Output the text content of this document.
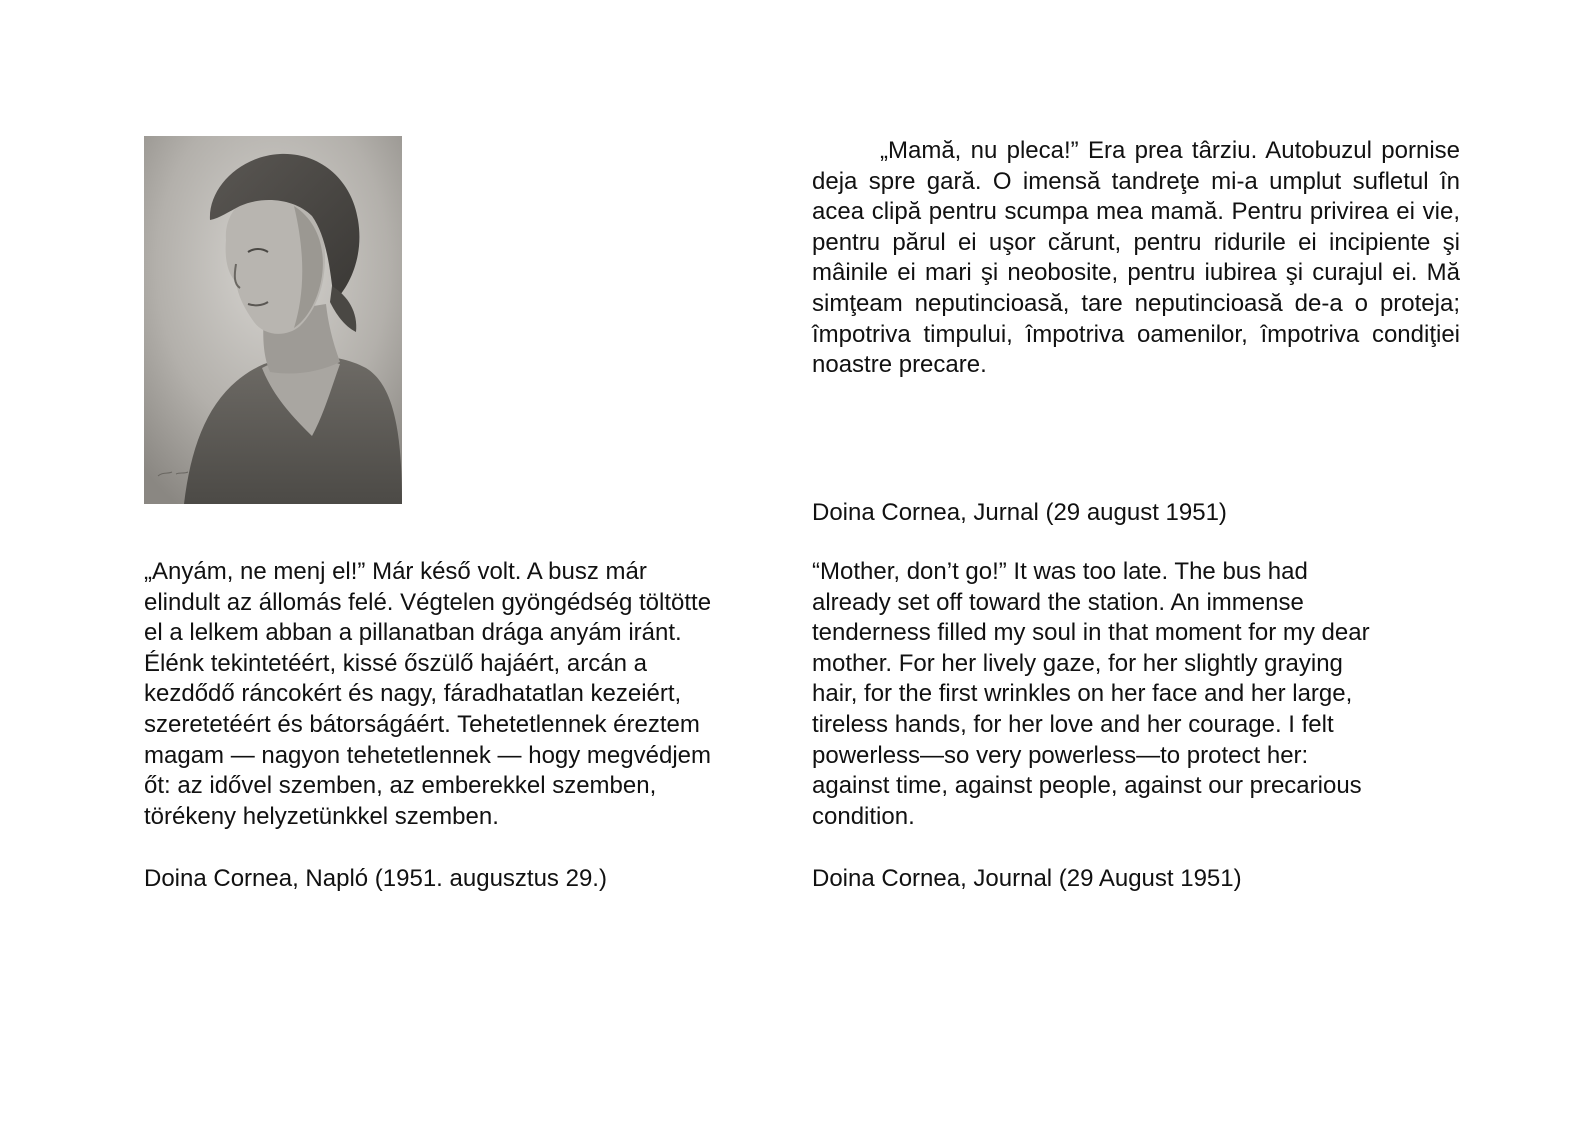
„Mamă, nu pleca!” Era prea târziu. Autobuzul pornise deja spre gară. O imensă tandreţe mi-a umplut sufletul în acea clipă pentru scumpa mea mamă. Pentru privirea ei vie, pentru părul ei uşor cărunt, pentru ridurile ei incipiente şi mâinile ei mari şi neobosite, pentru iubirea şi curajul ei. Mă simţeam neputincioasă, tare neputincioasă de-a o proteja; împotriva timpului, împotriva oamenilor, împotriva condiţiei noastre precare.

Doina Cornea, Jurnal (29 august 1951)

„Anyám, ne menj el!” Már késő volt. A busz már
elindult az állomás felé. Végtelen gyöngédség töltötte
el a lelkem abban a pillanatban drága anyám iránt.
Élénk tekintetéért, kissé őszülő hajáért, arcán a
kezdődő ráncokért és nagy, fáradhatatlan kezeiért,
szeretetéért és bátorságáért. Tehetetlennek éreztem
magam — nagyon tehetetlennek — hogy megvédjem
őt: az idővel szemben, az emberekkel szemben,
törékeny helyzetünkkel szemben.

Doina Cornea, Napló (1951. augusztus 29.)

“Mother, don’t go!” It was too late. The bus had
already set off toward the station. An immense
tenderness filled my soul in that moment for my dear
mother. For her lively gaze, for her slightly graying
hair, for the first wrinkles on her face and her large,
tireless hands, for her love and her courage. I felt
powerless—so very powerless—to protect her:
against time, against people, against our precarious
condition.

Doina Cornea, Journal (29 August 1951)
